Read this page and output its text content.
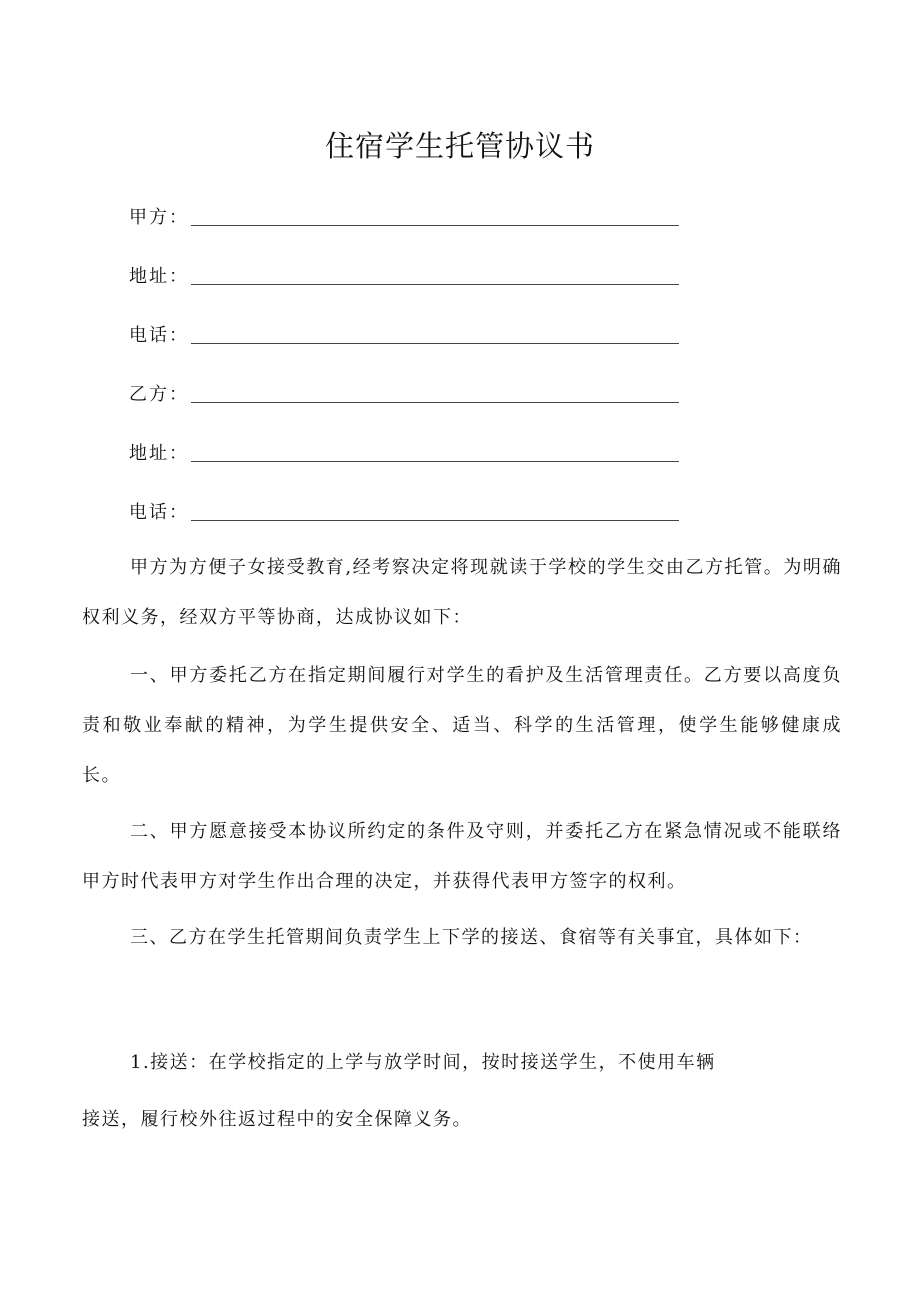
住宿学生托管协议书
甲方：
地址：
电话：
乙方：
地址：
电话：
甲方为方便子女接受教育,经考察决定将现就读于学校的学生交由乙方托管。为明确权利义务，经双方平等协商，达成协议如下：
一、甲方委托乙方在指定期间履行对学生的看护及生活管理责任。乙方要以高度负责和敬业奉献的精神，为学生提供安全、适当、科学的生活管理，使学生能够健康成长。
二、甲方愿意接受本协议所约定的条件及守则，并委托乙方在紧急情况或不能联络甲方时代表甲方对学生作出合理的决定，并获得代表甲方签字的权利。
三、乙方在学生托管期间负责学生上下学的接送、食宿等有关事宜，具体如下：
1.接送：在学校指定的上学与放学时间，按时接送学生，不使用车辆
接送，履行校外往返过程中的安全保障义务。
